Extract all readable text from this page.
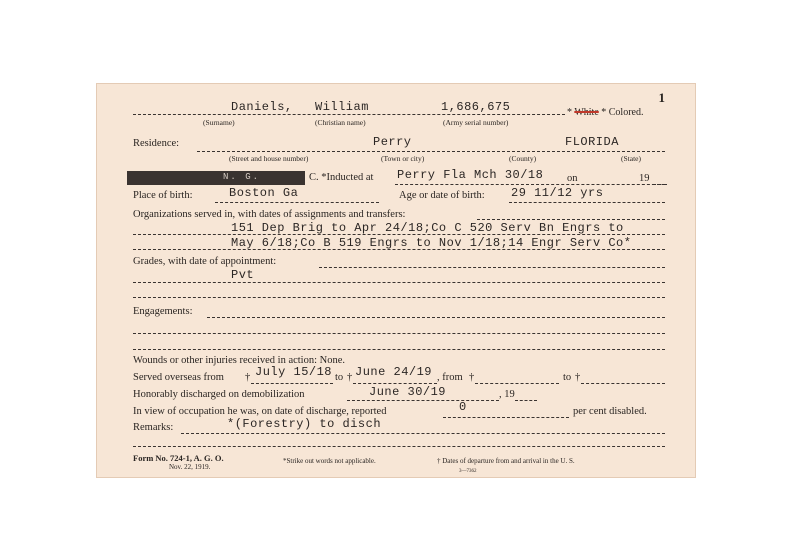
1
Daniels, William	1,686,675	* White * Colored.
(Surname)	(Christian name)	(Army serial number)
Residence:	Perry	FLORIDA
(Street and house number)	(Town or city)	(County)	(State)
N. G.	C. *Inducted at Perry Fla Mch 30/18 on	19
Place of birth:	Boston Ga	Age or date of birth: 29 11/12 yrs
Organizations served in, with dates of assignments and transfers:
151 Dep Brig to Apr 24/18;Co C 520 Serv Bn Engrs to
May 6/18;Co B 519 Engrs to Nov 1/18;14 Engr Serv Co*
Grades, with date of appointment:
Pvt
Engagements:
Wounds or other injuries received in action: None.
Served overseas from † July 15/18 to † June 24/19 , from †	to †
Honorably discharged on demobilization	June 30/19	, 19
In view of occupation he was, on date of discharge, reported	0	per cent disabled.
Remarks:	*(Forestry) to disch
Form No. 724-1, A. G. O.
Nov. 22, 1919.
*Strike out words not applicable.	† Dates of departure from and arrival in the U. S.
3—7362
